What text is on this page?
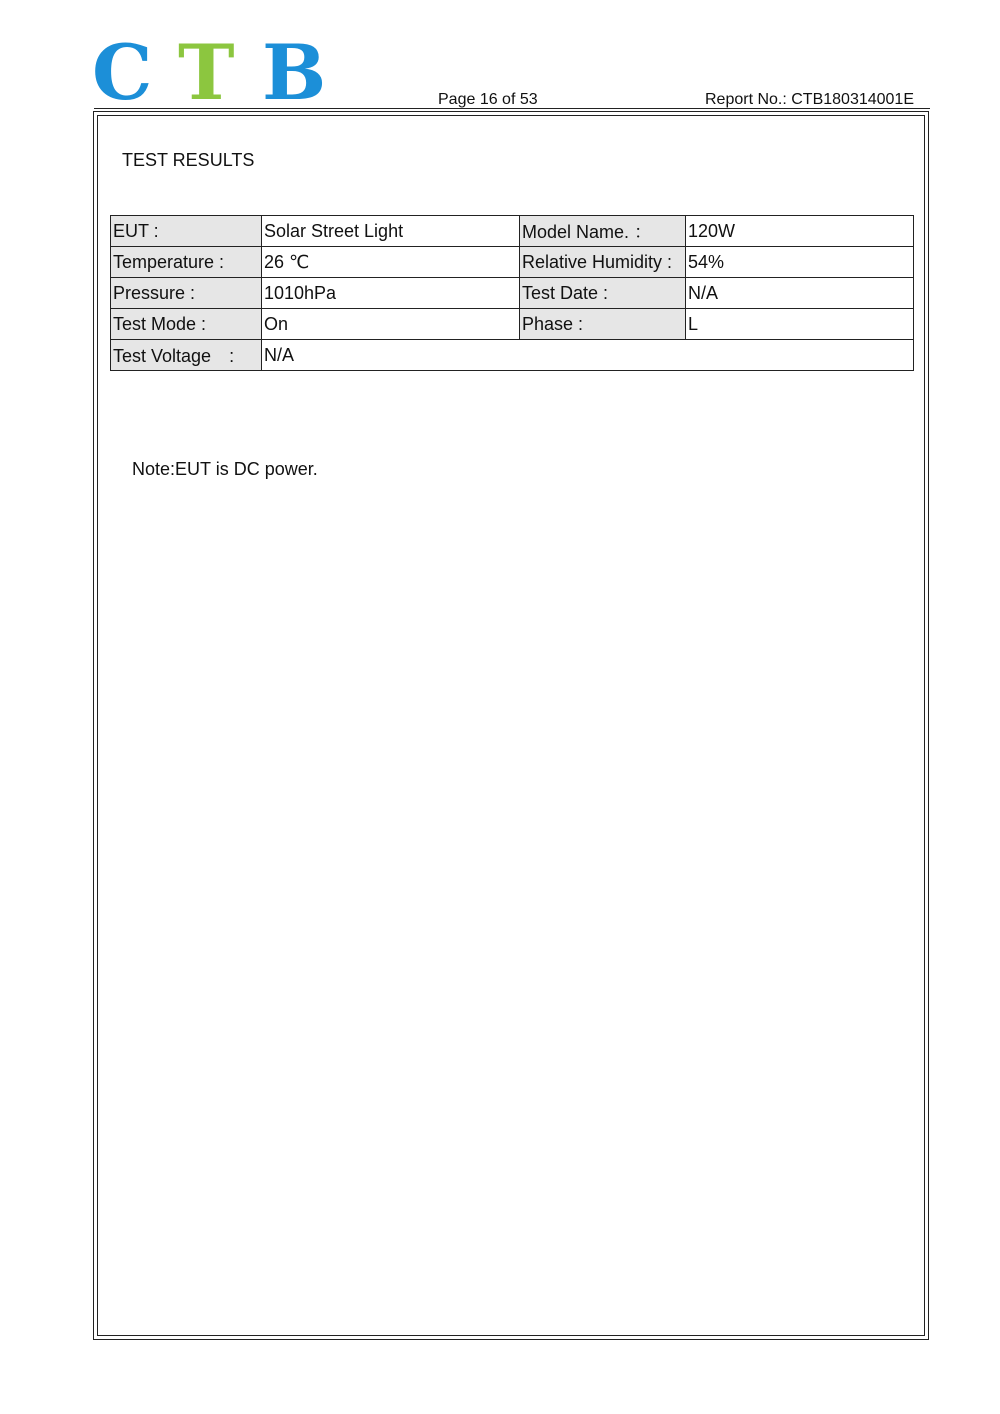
C T B	Page 16 of 53	Report No.: CTB180314001E
TEST RESULTS
EUT :	Solar Street Light	Model Name. ：	120W
Temperature :	26 ℃	Relative Humidity :	54%
Pressure :	1010hPa	Test Date :	N/A
Test Mode :	On	Phase :	L
Test Voltage　:	N/A		
Note:EUT is DC power.
